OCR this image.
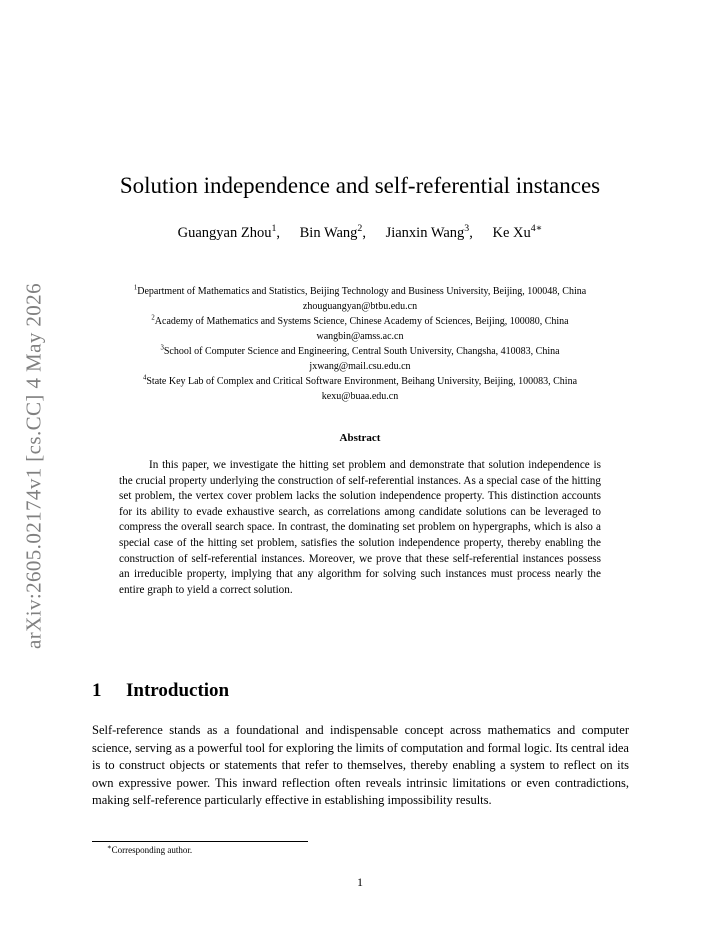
arXiv:2605.02174v1 [cs.CC] 4 May 2026
Solution independence and self-referential instances
Guangyan Zhou$^1$, Bin Wang$^2$, Jianxin Wang$^3$, Ke $Xu^{4∗}$
$^1$Department of Mathematics and Statistics, Beijing Technology and Business University, Beijing, 100048, China
zhouguangyan@btbu.edu.cn
$^2$Academy of Mathematics and Systems Science, Chinese Academy of Sciences, Beijing, 100080, China
wangbin@amss.ac.cn
$^3$School of Computer Science and Engineering, Central South University, Changsha, 410083, China
jxwang@mail.csu.edu.cn
$^4$State Key Lab of Complex and Critical Software Environment, Beihang University, Beijing, 100083, China
kexu@buaa.edu.cn
Abstract
In this paper, we investigate the hitting set problem and demonstrate that solution independence is the crucial property underlying the construction of self-referential instances. As a special case of the hitting set problem, the vertex cover problem lacks the solution independence property. This distinction accounts for its ability to evade exhaustive search, as correlations among candidate solutions can be leveraged to compress the overall search space. In contrast, the dominating set problem on hypergraphs, which is also a special case of the hitting set problem, satisfies the solution independence property, thereby enabling the construction of self-referential instances. Moreover, we prove that these self-referential instances possess an irreducible property, implying that any algorithm for solving such instances must process nearly the entire graph to yield a correct solution.
1 Introduction
Self-reference stands as a foundational and indispensable concept across mathematics and computer science, serving as a powerful tool for exploring the limits of computation and formal logic. Its central idea is to construct objects or statements that refer to themselves, thereby enabling a system to reflect on its own expressive power. This inward reflection often reveals intrinsic limitations or even contradictions, making self-reference particularly effective in establishing impossibility results.
∗Corresponding author.
1
